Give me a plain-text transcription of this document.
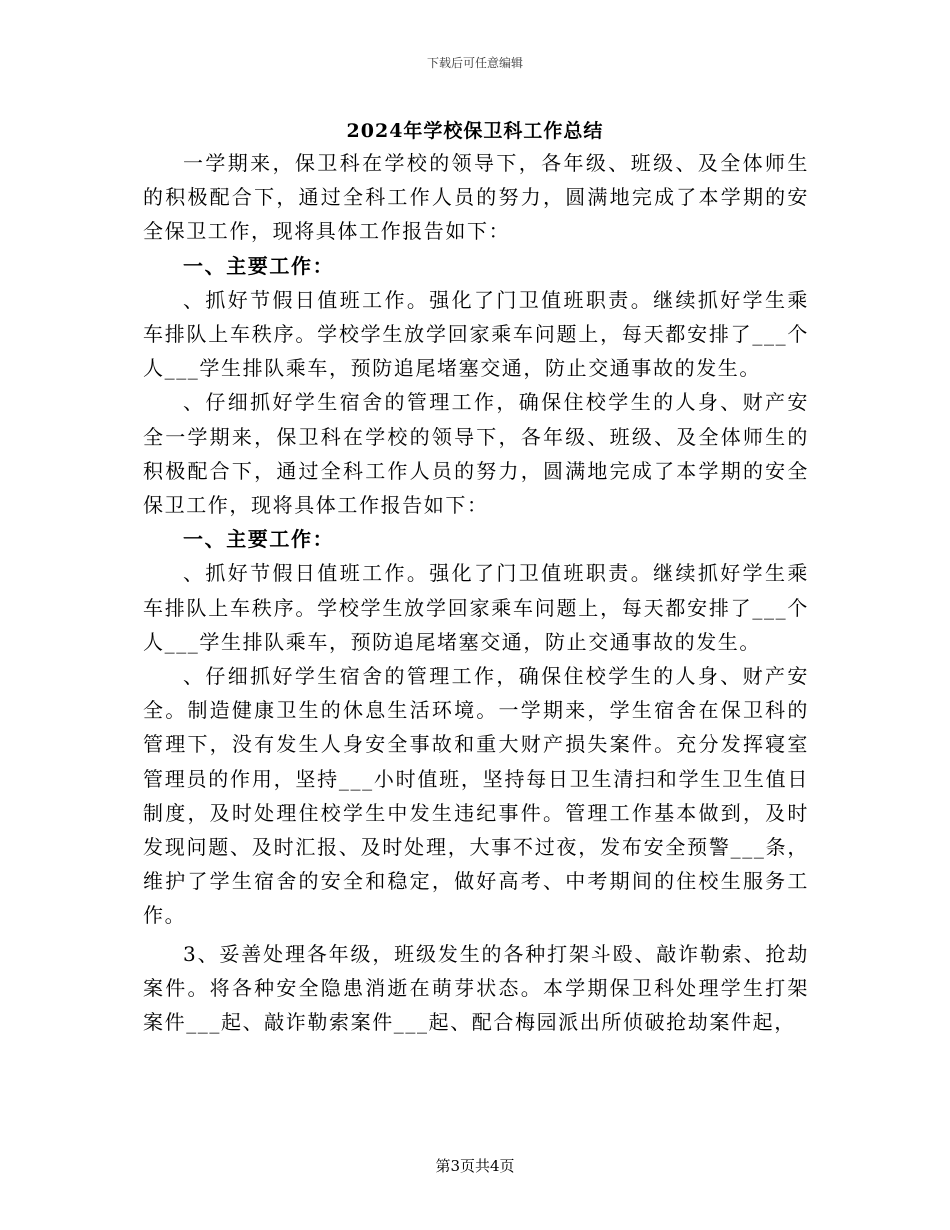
下载后可任意编辑
2024年学校保卫科工作总结

一学期来，保卫科在学校的领导下，各年级、班级、及全体师生的积极配合下，通过全科工作人员的努力，圆满地完成了本学期的安全保卫工作，现将具体工作报告如下：

一、主要工作：

、抓好节假日值班工作。强化了门卫值班职责。继续抓好学生乘车排队上车秩序。学校学生放学回家乘车问题上，每天都安排了___个人___学生排队乘车，预防追尾堵塞交通，防止交通事故的发生。

、仔细抓好学生宿舍的管理工作，确保住校学生的人身、财产安全一学期来，保卫科在学校的领导下，各年级、班级、及全体师生的积极配合下，通过全科工作人员的努力，圆满地完成了本学期的安全保卫工作，现将具体工作报告如下：

一、主要工作：

、抓好节假日值班工作。强化了门卫值班职责。继续抓好学生乘车排队上车秩序。学校学生放学回家乘车问题上，每天都安排了___个人___学生排队乘车，预防追尾堵塞交通，防止交通事故的发生。

、仔细抓好学生宿舍的管理工作，确保住校学生的人身、财产安全。制造健康卫生的休息生活环境。一学期来，学生宿舍在保卫科的管理下，没有发生人身安全事故和重大财产损失案件。充分发挥寝室管理员的作用，坚持___小时值班，坚持每日卫生清扫和学生卫生值日制度，及时处理住校学生中发生违纪事件。管理工作基本做到，及时发现问题、及时汇报、及时处理，大事不过夜，发布安全预警___条，维护了学生宿舍的安全和稳定，做好高考、中考期间的住校生服务工作。

3、妥善处理各年级，班级发生的各种打架斗殴、敲诈勒索、抢劫案件。将各种安全隐患消逝在萌芽状态。本学期保卫科处理学生打架案件___起、敲诈勒索案件___起、配合梅园派出所侦破抢劫案件起，

第3页共4页
